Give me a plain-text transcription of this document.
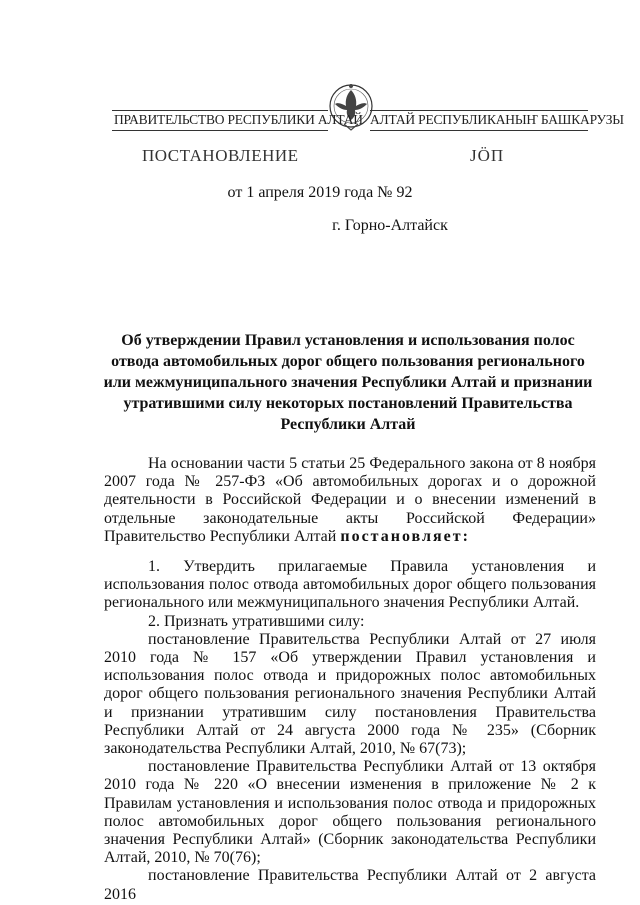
ПРАВИТЕЛЬСТВО РЕСПУБЛИКИ АЛТАЙ АЛТАЙ РЕСПУБЛИКАНЫҤ БАШКАРУЗЫ
ПОСТАНОВЛЕНИЕ	ЈӦП
от 1 апреля 2019 года № 92
г. Горно-Алтайск
Об утверждении Правил установления и использования полос отвода автомобильных дорог общего пользования регионального или межмуниципального значения Республики Алтай и признании утратившими силу некоторых постановлений Правительства Республики Алтай

На основании части 5 статьи 25 Федерального закона от 8 ноября 2007 года № 257-ФЗ «Об автомобильных дорогах и о дорожной деятельности в Российской Федерации и о внесении изменений в отдельные законодательные акты Российской Федерации» Правительство Республики Алтай постановляет:

1. Утвердить прилагаемые Правила установления и использования полос отвода автомобильных дорог общего пользования регионального или межмуниципального значения Республики Алтай.

2. Признать утратившими силу:

постановление Правительства Республики Алтай от 27 июля 2010 года № 157 «Об утверждении Правил установления и использования полос отвода и придорожных полос автомобильных дорог общего пользования регионального значения Республики Алтай и признании утратившим силу постановления Правительства Республики Алтай от 24 августа 2000 года № 235» (Сборник законодательства Республики Алтай, 2010, № 67(73);

постановление Правительства Республики Алтай от 13 октября 2010 года № 220 «О внесении изменения в приложение № 2 к Правилам установления и использования полос отвода и придорожных полос автомобильных дорог общего пользования регионального значения Республики Алтай» (Сборник законодательства Республики Алтай, 2010, № 70(76);

постановление Правительства Республики Алтай от 2 августа 2016
